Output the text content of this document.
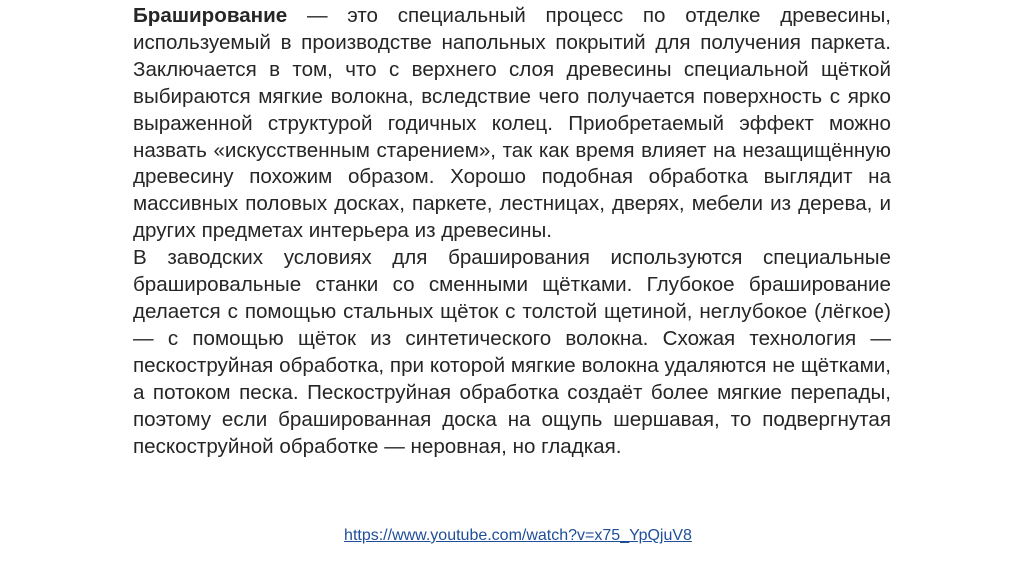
Браширование — это специальный процесс по отделке древесины, используемый в производстве напольных покрытий для получения паркета. Заключается в том, что с верхнего слоя древесины специальной щёткой выбираются мягкие волокна, вследствие чего получается поверхность с ярко выраженной структурой годичных колец. Приобретаемый эффект можно назвать «искусственным старением», так как время влияет на незащищённую древесину похожим образом. Хорошо подобная обработка выглядит на массивных половых досках, паркете, лестницах, дверях, мебели из дерева, и других предметах интерьера из древесины.

В заводских условиях для браширования используются специальные брашировальные станки со сменными щётками. Глубокое браширование делается с помощью стальных щёток с толстой щетиной, неглубокое (лёгкое) — с помощью щёток из синтетического волокна. Схожая технология — пескоструйная обработка, при которой мягкие волокна удаляются не щётками, а потоком песка. Пескоструйная обработка создаёт более мягкие перепады, поэтому если брашированная доска на ощупь шершавая, то подвергнутая пескоструйной обработке — неровная, но гладкая.

https://www.youtube.com/watch?v=x75_YpQjuV8
